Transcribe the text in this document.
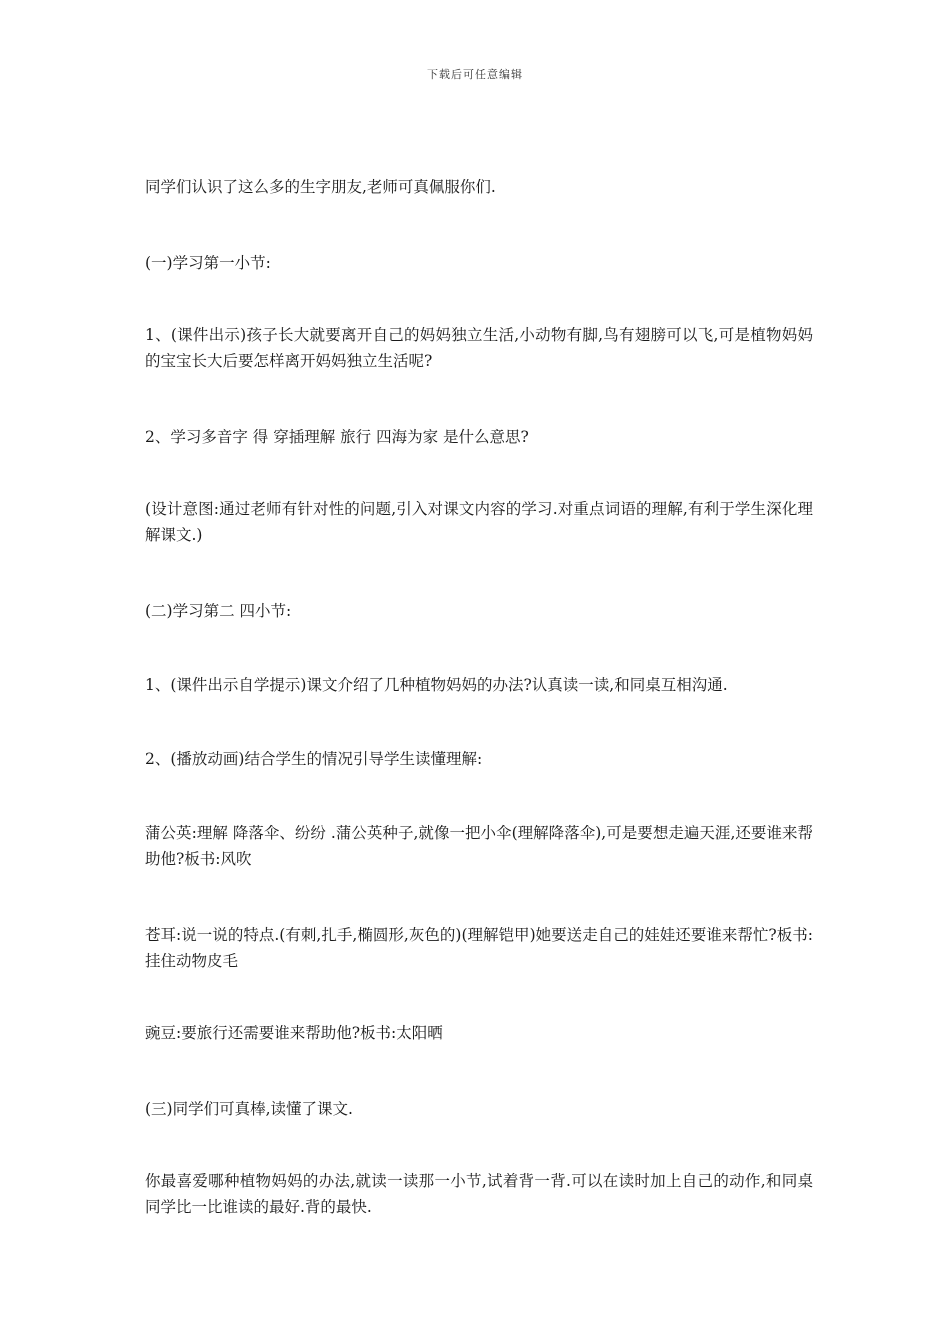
下载后可任意编辑

同学们认识了这么多的生字朋友,老师可真佩服你们.

(一)学习第一小节:

1、(课件出示)孩子长大就要离开自己的妈妈独立生活,小动物有脚,鸟有翅膀可以飞,可是植物妈妈的宝宝长大后要怎样离开妈妈独立生活呢?

2、学习多音字 得 穿插理解 旅行 四海为家 是什么意思?

(设计意图:通过老师有针对性的问题,引入对课文内容的学习.对重点词语的理解,有利于学生深化理解课文.)

(二)学习第二 四小节:

1、(课件出示自学提示)课文介绍了几种植物妈妈的办法?认真读一读,和同桌互相沟通.

2、(播放动画)结合学生的情况引导学生读懂理解:

蒲公英:理解 降落伞、纷纷 .蒲公英种子,就像一把小伞(理解降落伞),可是要想走遍天涯,还要谁来帮助他?板书:风吹

苍耳:说一说的特点.(有刺,扎手,椭圆形,灰色的)(理解铠甲)她要送走自己的娃娃还要谁来帮忙?板书:挂住动物皮毛

豌豆:要旅行还需要谁来帮助他?板书:太阳晒

(三)同学们可真棒,读懂了课文.

你最喜爱哪种植物妈妈的办法,就读一读那一小节,试着背一背.可以在读时加上自己的动作,和同桌同学比一比谁读的最好.背的最快.
